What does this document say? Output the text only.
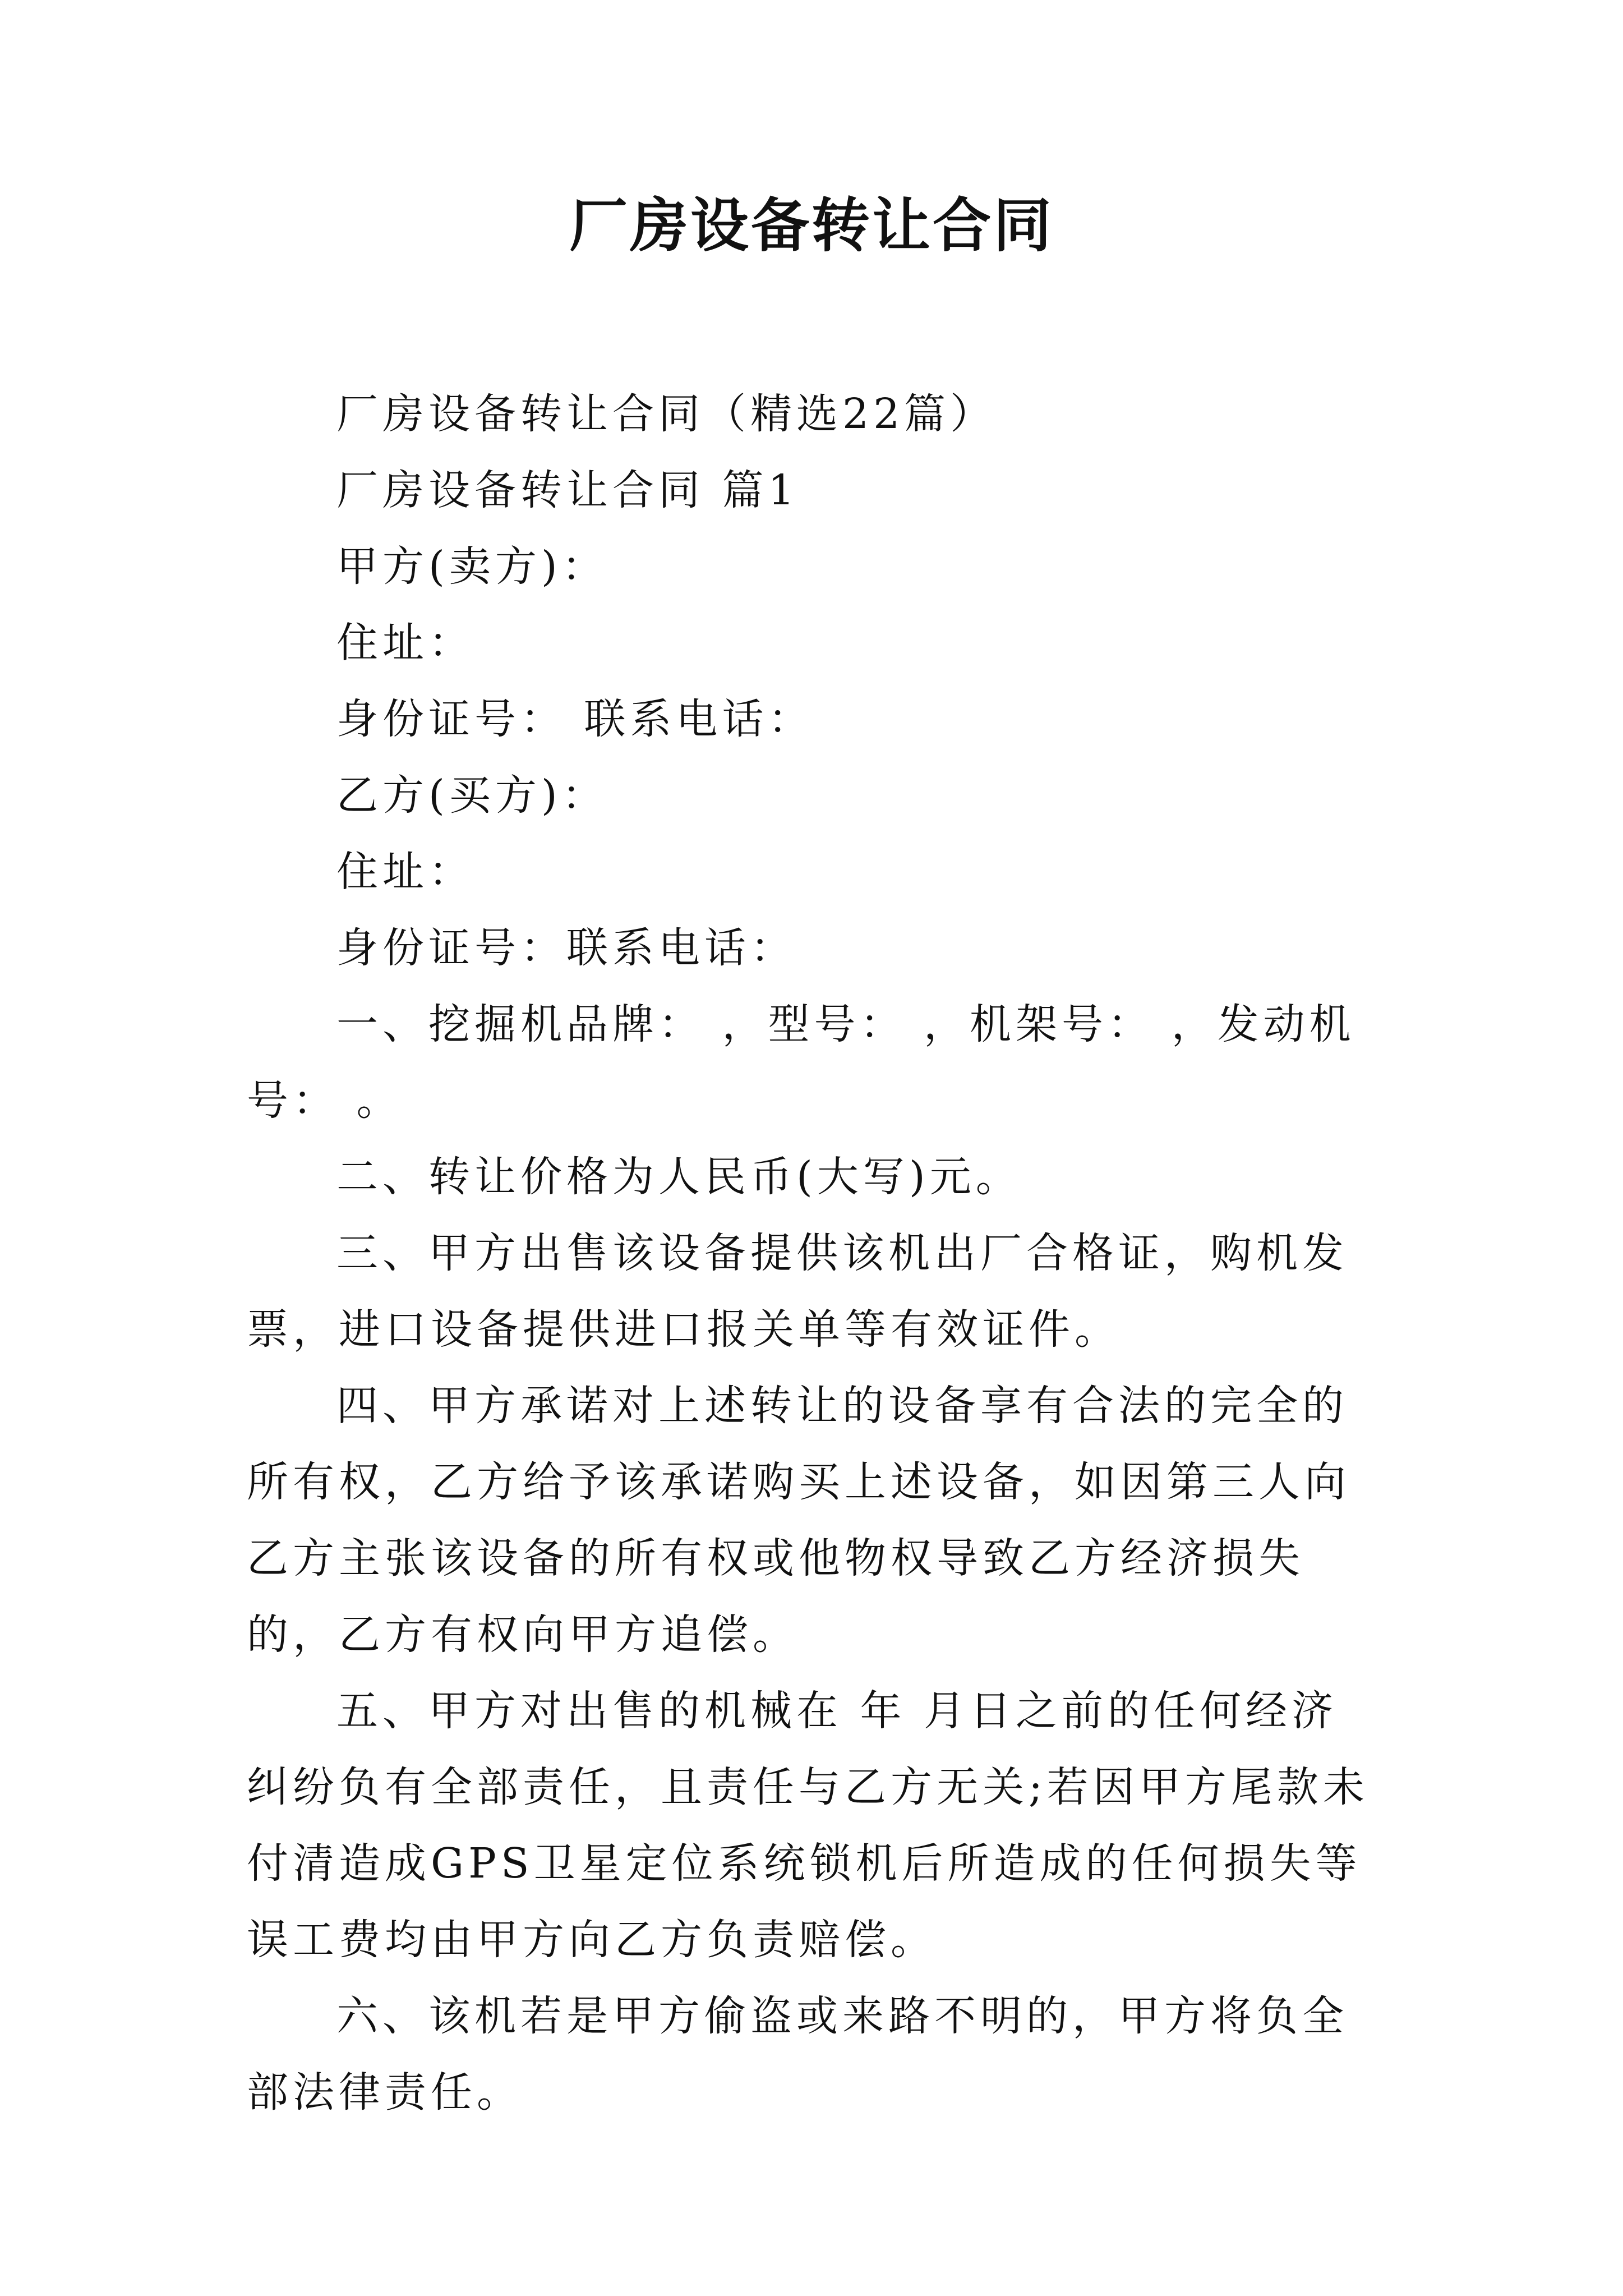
厂房设备转让合同

厂房设备转让合同（精选22篇）

厂房设备转让合同 篇1

甲方(卖方)：

住址：

身份证号： 联系电话：

乙方(买方)：

住址：

身份证号：联系电话：

一、挖掘机品牌： ，型号： ，机架号： ，发动机号： 。

二、转让价格为人民币(大写)元。

三、甲方出售该设备提供该机出厂合格证，购机发票，进口设备提供进口报关单等有效证件。

四、甲方承诺对上述转让的设备享有合法的完全的所有权，乙方给予该承诺购买上述设备，如因第三人向乙方主张该设备的所有权或他物权导致乙方经济损失的，乙方有权向甲方追偿。

五、甲方对出售的机械在 年 月日之前的任何经济纠纷负有全部责任，且责任与乙方无关;若因甲方尾款未付清造成GPS卫星定位系统锁机后所造成的任何损失等误工费均由甲方向乙方负责赔偿。

六、该机若是甲方偷盗或来路不明的，甲方将负全部法律责任。
